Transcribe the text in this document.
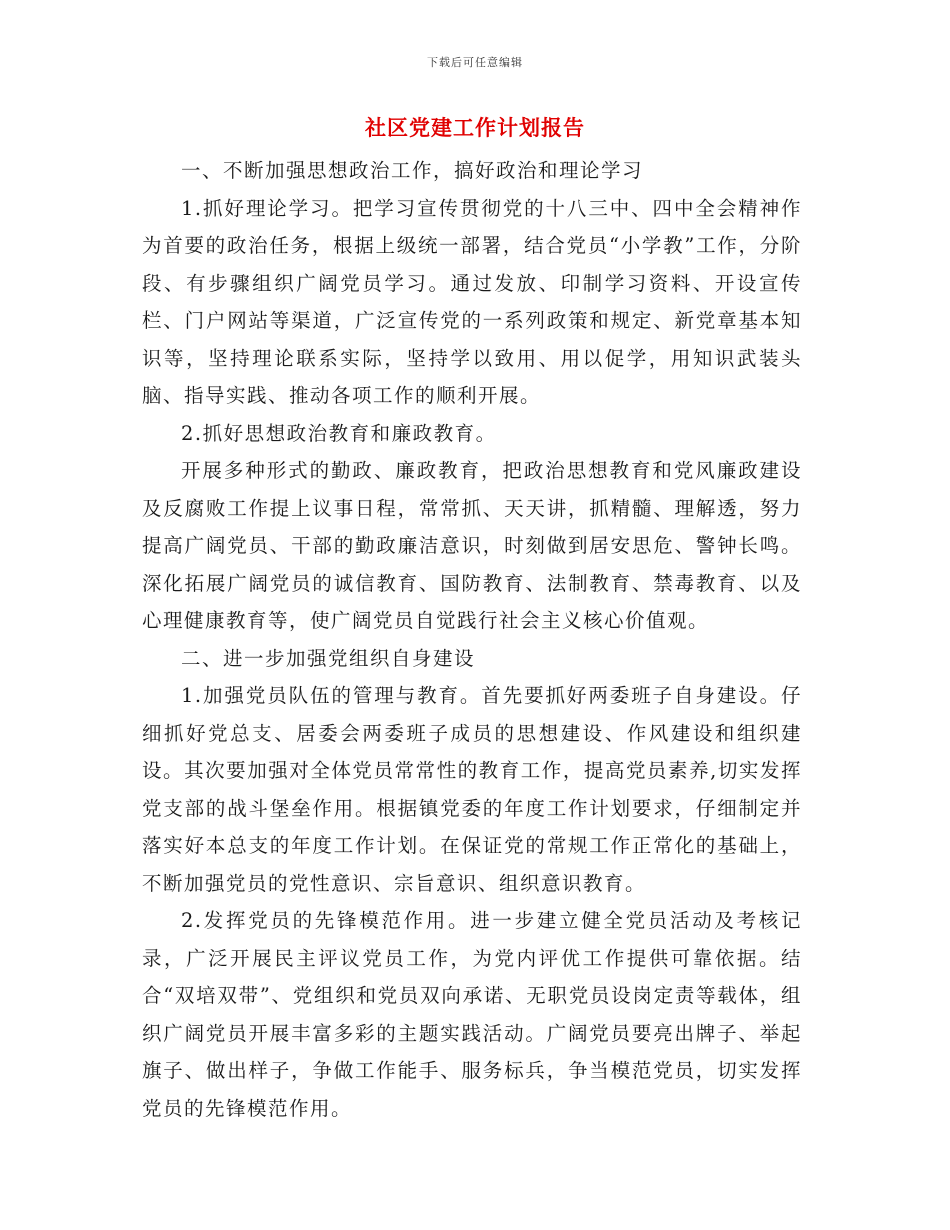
下载后可任意编辑
社区党建工作计划报告

一、不断加强思想政治工作，搞好政治和理论学习

1.抓好理论学习。把学习宣传贯彻党的十八三中、四中全会精神作为首要的政治任务，根据上级统一部署，结合党员“小学教”工作，分阶段、有步骤组织广阔党员学习。通过发放、印制学习资料、开设宣传栏、门户网站等渠道，广泛宣传党的一系列政策和规定、新党章基本知识等，坚持理论联系实际，坚持学以致用、用以促学，用知识武装头脑、指导实践、推动各项工作的顺利开展。

2.抓好思想政治教育和廉政教育。

开展多种形式的勤政、廉政教育，把政治思想教育和党风廉政建设及反腐败工作提上议事日程，常常抓、天天讲，抓精髓、理解透，努力提高广阔党员、干部的勤政廉洁意识，时刻做到居安思危、警钟长鸣。深化拓展广阔党员的诚信教育、国防教育、法制教育、禁毒教育、以及心理健康教育等，使广阔党员自觉践行社会主义核心价值观。

二、进一步加强党组织自身建设

1.加强党员队伍的管理与教育。首先要抓好两委班子自身建设。仔细抓好党总支、居委会两委班子成员的思想建设、作风建设和组织建设。其次要加强对全体党员常常性的教育工作，提高党员素养,切实发挥党支部的战斗堡垒作用。根据镇党委的年度工作计划要求，仔细制定并落实好本总支的年度工作计划。在保证党的常规工作正常化的基础上，不断加强党员的党性意识、宗旨意识、组织意识教育。

2.发挥党员的先锋模范作用。进一步建立健全党员活动及考核记录，广泛开展民主评议党员工作，为党内评优工作提供可靠依据。结合“双培双带”、党组织和党员双向承诺、无职党员设岗定责等载体，组织广阔党员开展丰富多彩的主题实践活动。广阔党员要亮出牌子、举起旗子、做出样子，争做工作能手、服务标兵，争当模范党员，切实发挥党员的先锋模范作用。
